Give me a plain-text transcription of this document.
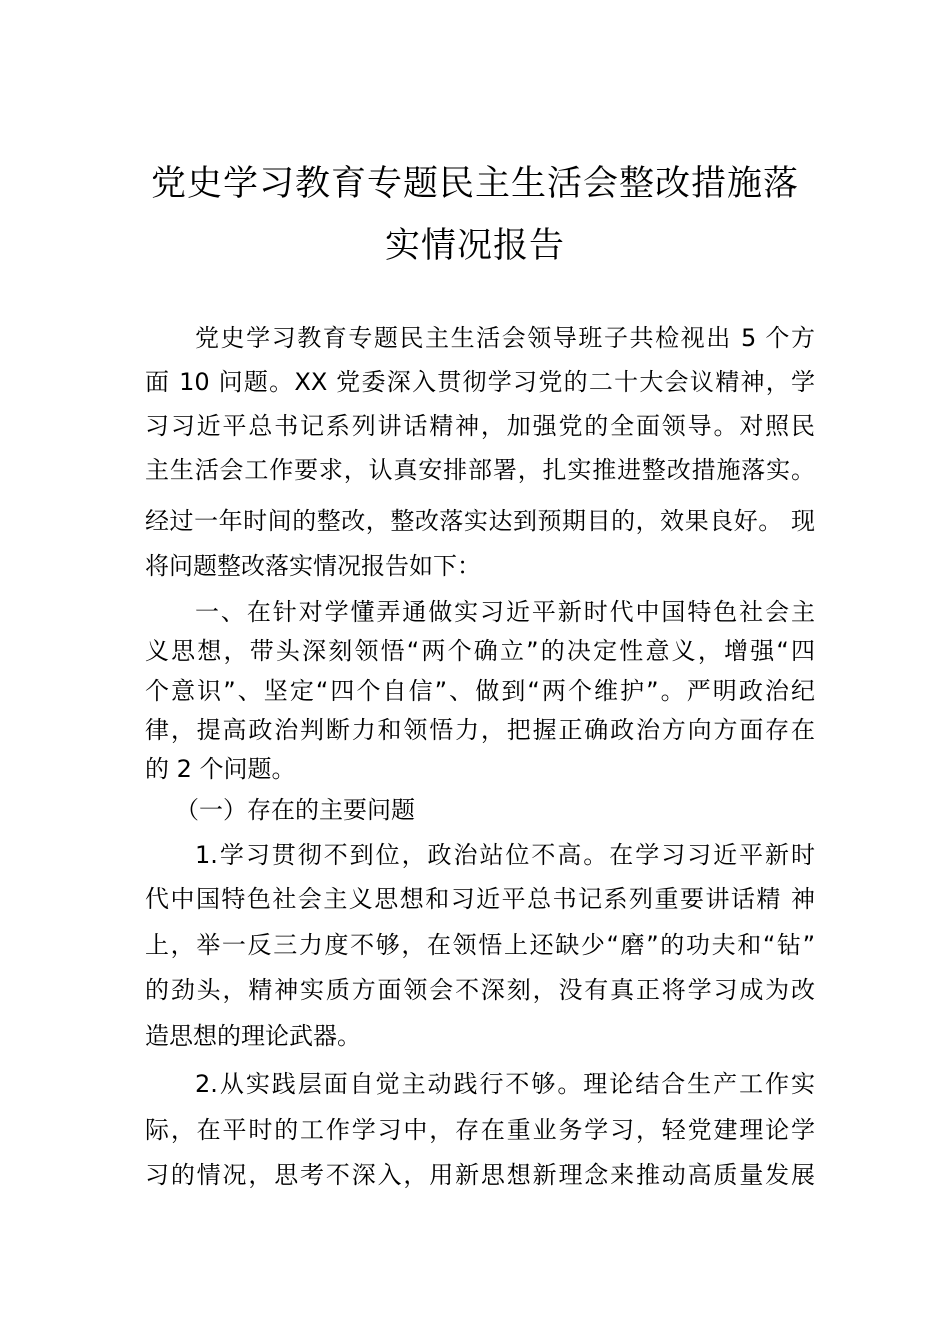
党史学习教育专题民主生活会整改措施落
实情况报告
党史学习教育专题民主生活会领导班子共检视出 5 个方
面 10 问题。XX 党委深入贯彻学习党的二十大会议精神，学
习习近平总书记系列讲话精神，加强党的全面领导。对照民
主生活会工作要求，认真安排部署，扎实推进整改措施落实。
经过一年时间的整改，整改落实达到预期目的，效果良好。 现
将问题整改落实情况报告如下：
一、在针对学懂弄通做实习近平新时代中国特色社会主
义思想，带头深刻领悟“两个确立”的决定性意义，增强“四
个意识”、坚定“四个自信”、做到“两个维护”。严明政治纪
律，提高政治判断力和领悟力，把握正确政治方向方面存在
的 2 个问题。
（一）存在的主要问题
1.学习贯彻不到位，政治站位不高。在学习习近平新时
代中国特色社会主义思想和习近平总书记系列重要讲话精 神
上，举一反三力度不够，在领悟上还缺少“磨”的功夫和“钻”
的劲头，精神实质方面领会不深刻，没有真正将学习成为改
造思想的理论武器。
2.从实践层面自觉主动践行不够。理论结合生产工作实
际，在平时的工作学习中，存在重业务学习，轻党建理论学
习的情况，思考不深入，用新思想新理念来推动高质量发展
